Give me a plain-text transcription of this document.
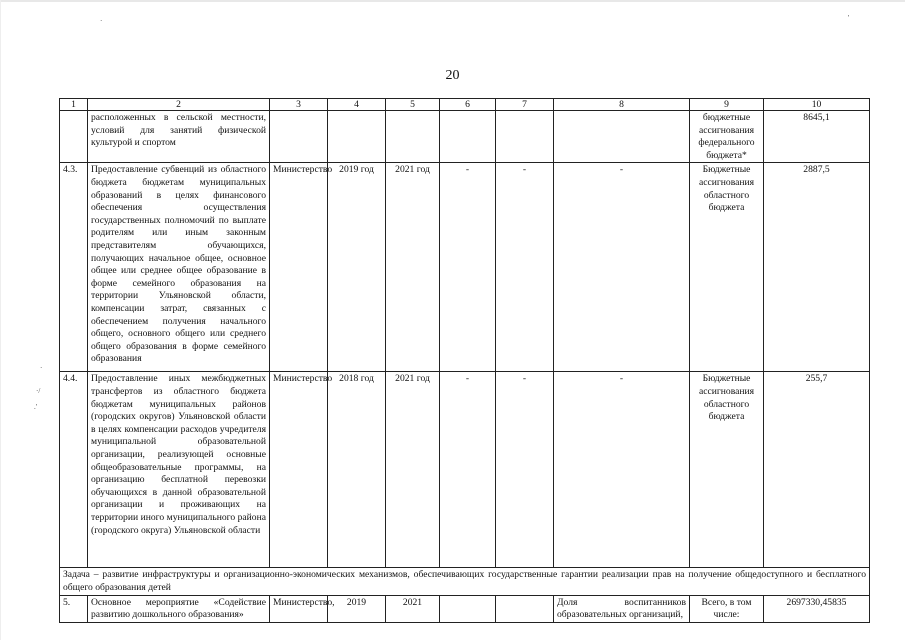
·	'
·
·/
.'
20
1	2	3	4	5	6	7	8	9	10
	расположенных в сельской местности, условий для занятий физической культурой и спортом							бюджетные ассигнования федерального бюджета*	8645,1
4.3.	Предоставление субвенций из областного бюджета бюджетам муниципальных образований в целях финансового обеспечения осуществления государственных полномочий по выплате родителям или иным законным представителям обучающихся, получающих начальное общее, основное общее или среднее общее образование в форме семейного образования на территории Ульяновской области, компенсации затрат, связанных с обеспечением получения начального общего, основного общего или среднего общего образования в форме семейного образования	Министерство	2019 год	2021 год	-	-	-	Бюджетные ассигнования областного бюджета	2887,5
4.4.	Предоставление иных межбюджетных трансфертов из областного бюджета бюджетам муниципальных районов (городских округов) Ульяновской области в целях компенсации расходов учредителя муниципальной образовательной организации, реализующей основные общеобразовательные программы, на организацию бесплатной перевозки обучающихся в данной образовательной организации и проживающих на территории иного муниципального района (городского округа) Ульяновской области	Министерство	2018 год	2021 год	-	-	-	Бюджетные ассигнования областного бюджета	255,7
Задача – развитие инфраструктуры и организационно-экономических механизмов, обеспечивающих государственные гарантии реализации прав на получение общедоступного и бесплатного общего образования детей									
5.	Основное мероприятие «Содействие развитию дошкольного образования»	Министерство,	2019	2021			Доля воспитанников образовательных организаций,	Всего, в том числе:	2697330,45835
